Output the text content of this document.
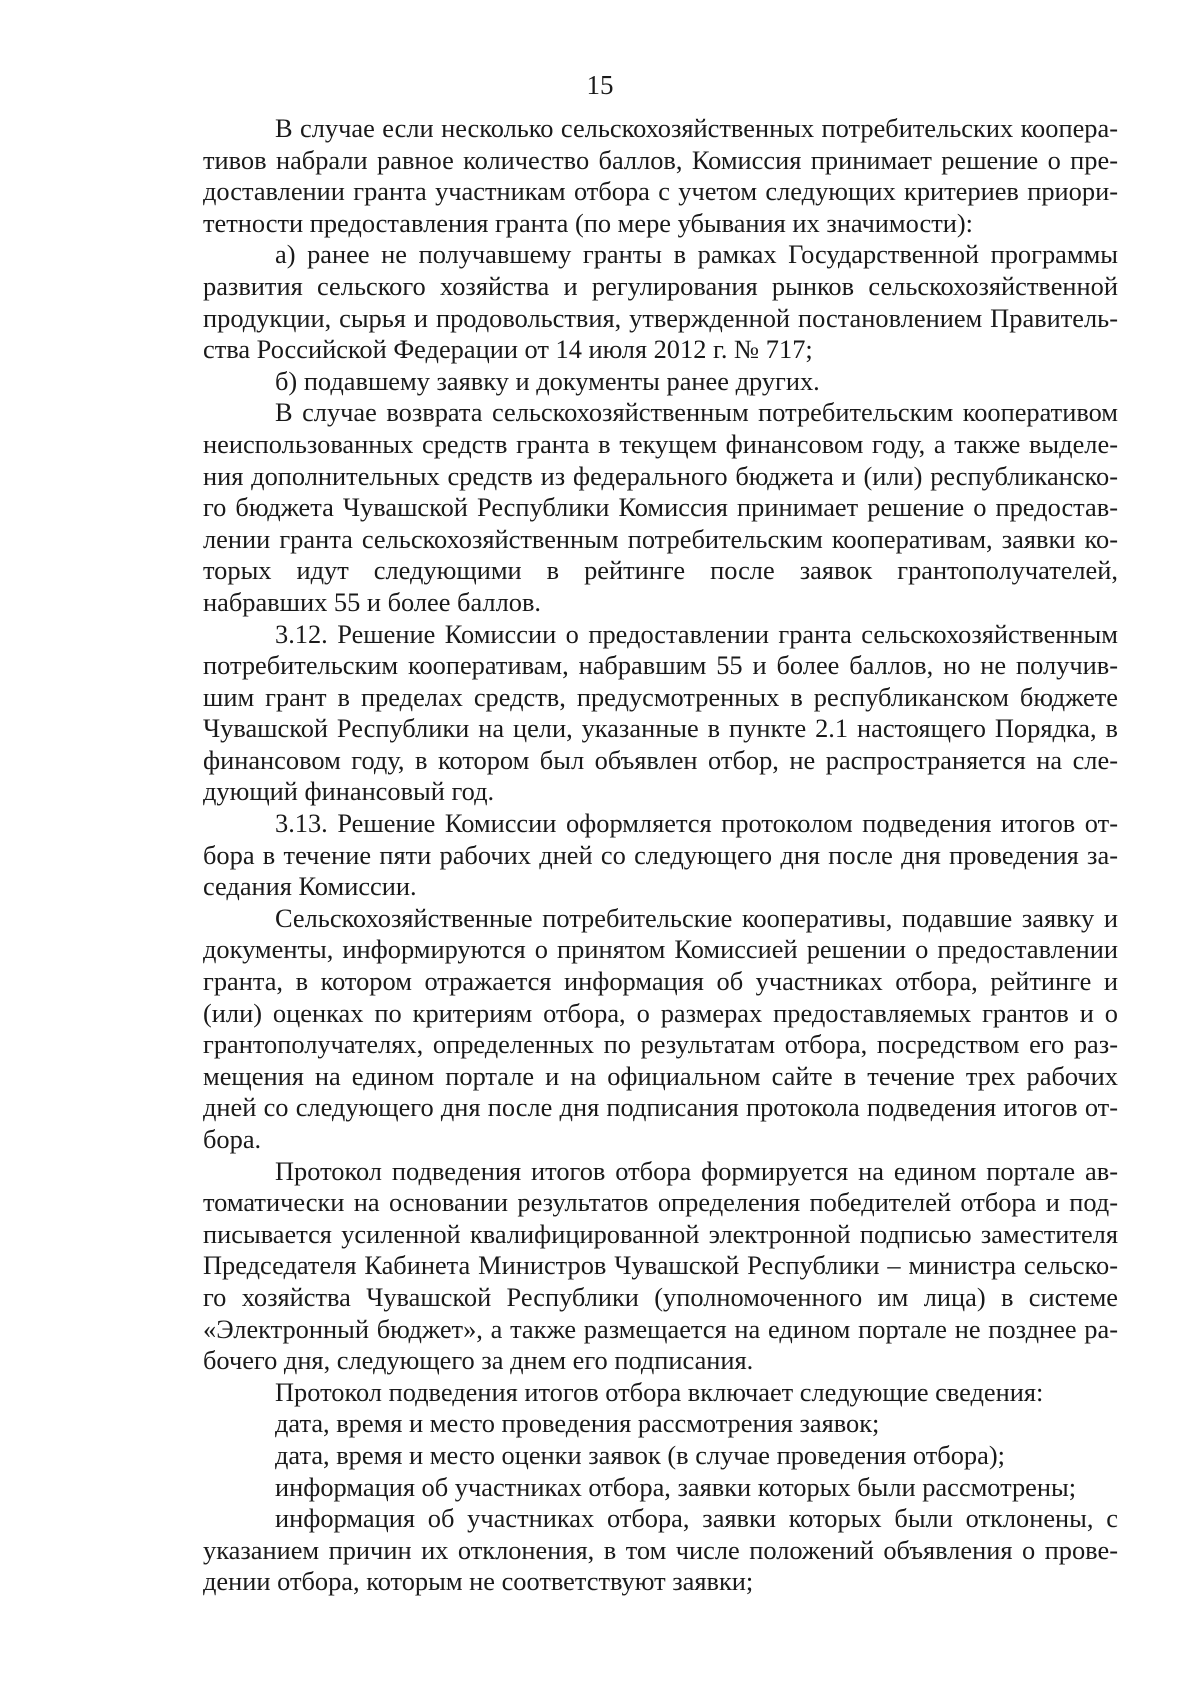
15

В случае если несколько сельскохозяйственных потребительских кооперативов набрали равное количество баллов, Комиссия принимает решение о предоставлении гранта участникам отбора с учетом следующих критериев приоритетности предоставления гранта (по мере убывания их значимости):

а) ранее не получавшему гранты в рамках Государственной программы развития сельского хозяйства и регулирования рынков сельскохозяйственной продукции, сырья и продовольствия, утвержденной постановлением Правительства Российской Федерации от 14 июля 2012 г. № 717;

б) подавшему заявку и документы ранее других.

В случае возврата сельскохозяйственным потребительским кооперативом неиспользованных средств гранта в текущем финансовом году, а также выделения дополнительных средств из федерального бюджета и (или) республиканского бюджета Чувашской Республики Комиссия принимает решение о предоставлении гранта сельскохозяйственным потребительским кооперативам, заявки которых идут следующими в рейтинге после заявок грантополучателей, набравших 55 и более баллов.

3.12. Решение Комиссии о предоставлении гранта сельскохозяйственным потребительским кооперативам, набравшим 55 и более баллов, но не получившим грант в пределах средств, предусмотренных в республиканском бюджете Чувашской Республики на цели, указанные в пункте 2.1 настоящего Порядка, в финансовом году, в котором был объявлен отбор, не распространяется на следующий финансовый год.

3.13. Решение Комиссии оформляется протоколом подведения итогов отбора в течение пяти рабочих дней со следующего дня после дня проведения заседания Комиссии.

Сельскохозяйственные потребительские кооперативы, подавшие заявку и документы, информируются о принятом Комиссией решении о предоставлении гранта, в котором отражается информация об участниках отбора, рейтинге и (или) оценках по критериям отбора, о размерах предоставляемых грантов и о грантополучателях, определенных по результатам отбора, посредством его размещения на едином портале и на официальном сайте в течение трех рабочих дней со следующего дня после дня подписания протокола подведения итогов отбора.

Протокол подведения итогов отбора формируется на едином портале автоматически на основании результатов определения победителей отбора и подписывается усиленной квалифицированной электронной подписью заместителя Председателя Кабинета Министров Чувашской Республики – министра сельского хозяйства Чувашской Республики (уполномоченного им лица) в системе «Электронный бюджет», а также размещается на едином портале не позднее рабочего дня, следующего за днем его подписания.

Протокол подведения итогов отбора включает следующие сведения:

дата, время и место проведения рассмотрения заявок;

дата, время и место оценки заявок (в случае проведения отбора);

информация об участниках отбора, заявки которых были рассмотрены;

информация об участниках отбора, заявки которых были отклонены, с указанием причин их отклонения, в том числе положений объявления о проведении отбора, которым не соответствуют заявки;
